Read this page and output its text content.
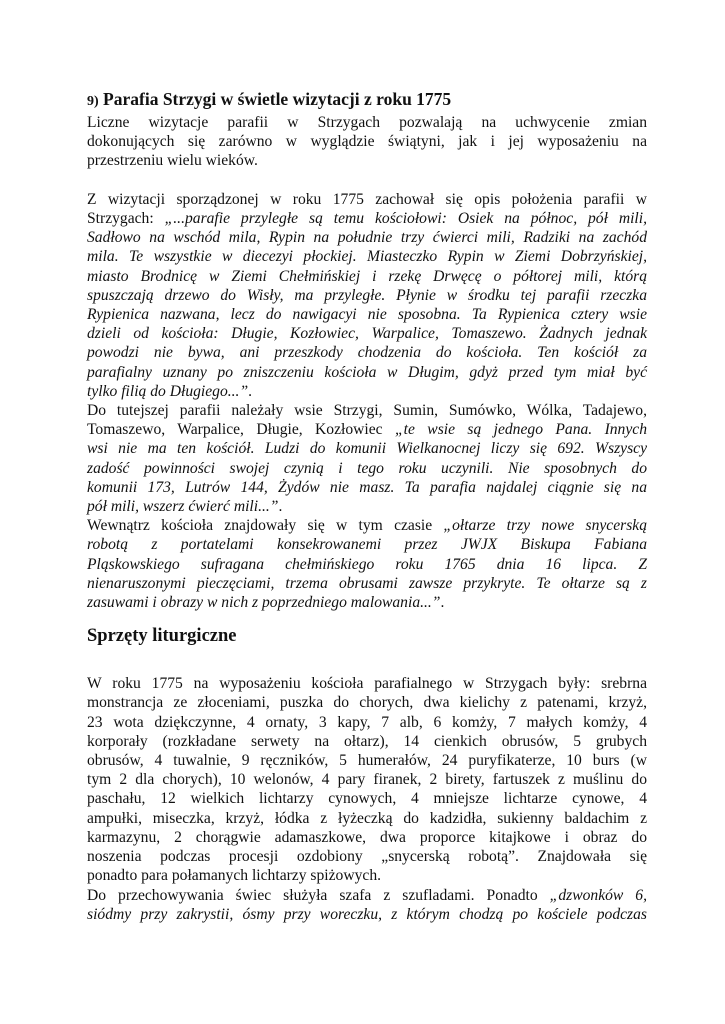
9) Parafia Strzygi w świetle wizytacji z roku 1775

Liczne wizytacje parafii w Strzygach pozwalają na uchwycenie zmian
dokonujących się zarówno w wyglądzie świątyni, jak i jej wyposażeniu na
przestrzeniu wielu wieków.

Z wizytacji sporządzonej w roku 1775 zachował się opis położenia parafii w
Strzygach: „...parafie przyległe są temu kościołowi: Osiek na północ, pół mili,
Sadłowo na wschód mila, Rypin na południe trzy ćwierci mili, Radziki na zachód
mila. Te wszystkie w diecezyi płockiej. Miasteczko Rypin w Ziemi Dobrzyńskiej,
miasto Brodnicę w Ziemi Chełmińskiej i rzekę Drwęcę o półtorej mili, którą
spuszczają drzewo do Wisły, ma przyległe. Płynie w środku tej parafii rzeczka
Rypienica nazwana, lecz do nawigacyi nie sposobna. Ta Rypienica cztery wsie
dzieli od kościoła: Długie, Kozłowiec, Warpalice, Tomaszewo. Żadnych jednak
powodzi nie bywa, ani przeszkody chodzenia do kościoła. Ten kościół za
parafialny uznany po zniszczeniu kościoła w Długim, gdyż przed tym miał być
tylko filią do Długiego...”.

Do tutejszej parafii należały wsie Strzygi, Sumin, Sumówko, Wólka, Tadajewo,
Tomaszewo, Warpalice, Długie, Kozłowiec „te wsie są jednego Pana. Innych
wsi nie ma ten kościół. Ludzi do komunii Wielkanocnej liczy się 692. Wszyscy
zadość powinności swojej czynią i tego roku uczynili. Nie sposobnych do
komunii 173, Lutrów 144, Żydów nie masz. Ta parafia najdalej ciągnie się na
pół mili, wszerz ćwierć mili...”.

Wewnątrz kościoła znajdowały się w tym czasie „ołtarze trzy nowe snycerską
robotą z portatelami konsekrowanemi przez JWJX Biskupa Fabiana
Pląskowskiego sufragana chełmińskiego roku 1765 dnia 16 lipca. Z
nienaruszonymi pieczęciami, trzema obrusami zawsze przykryte. Te ołtarze są z
zasuwami i obrazy w nich z poprzedniego malowania...”.

Sprzęty liturgiczne

W roku 1775 na wyposażeniu kościoła parafialnego w Strzygach były: srebrna
monstrancja ze złoceniami, puszka do chorych, dwa kielichy z patenami, krzyż,
23 wota dziękczynne, 4 ornaty, 3 kapy, 7 alb, 6 komży, 7 małych komży, 4
korporały (rozkładane serwety na ołtarz), 14 cienkich obrusów, 5 grubych
obrusów, 4 tuwalnie, 9 ręczników, 5 humerałów, 24 puryfikaterze, 10 burs (w
tym 2 dla chorych), 10 welonów, 4 pary firanek, 2 birety, fartuszek z muślinu do
paschału, 12 wielkich lichtarzy cynowych, 4 mniejsze lichtarze cynowe, 4
ampułki, miseczka, krzyż, łódka z łyżeczką do kadzidła, sukienny baldachim z
karmazynu, 2 chorągwie adamaszkowe, dwa proporce kitajkowe i obraz do
noszenia podczas procesji ozdobiony „snycerską robotą”. Znajdowała się
ponadto para połamanych lichtarzy spiżowych.

Do przechowywania świec służyła szafa z szufladami. Ponadto „dzwonków 6,
siódmy przy zakrystii, ósmy przy woreczku, z którym chodzą po kościele podczas
